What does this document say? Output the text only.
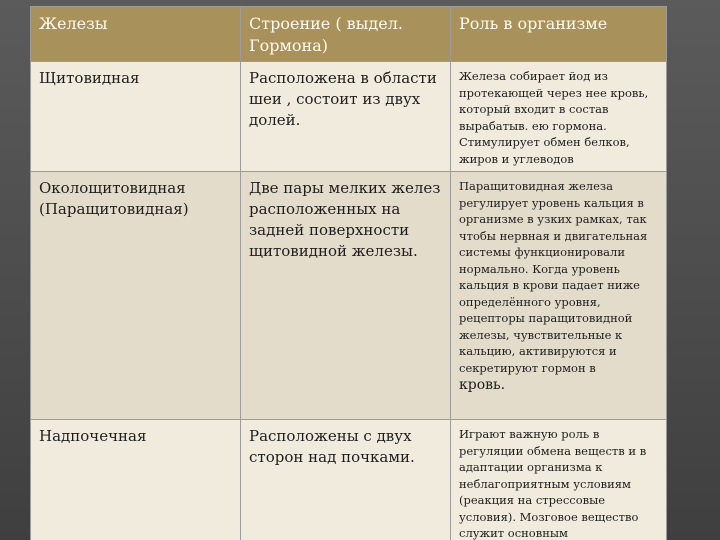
Железы	Строение ( выдел. Гормона)	Роль в организме
Щитовидная	Расположена в области шеи , состоит из двух долей.	Железа собирает йод из протекающей через нее кровь, который входит в состав вырабатыв. ею гормона. Стимулирует обмен белков, жиров и углеводов
Околощитовидная (Паращитовидная)	Две пары мелких желез расположенных на задней поверхности щитовидной железы.	Паращитовидная железа регулирует уровень кальция в организме в узких рамках, так чтобы нервная и двигательная системы функционировали нормально. Когда уровень кальция в крови падает ниже определённого уровня, рецепторы паращитовидной железы, чувствительные к кальцию, активируются и секретируют гормон в
кровь.

Надпочечная	Расположены с двух сторон над почками.	Играют важную роль в регуляции обмена веществ и в адаптации организма к неблагоприятным условиям (реакция на стрессовые условия). Мозговое вещество служит основным
